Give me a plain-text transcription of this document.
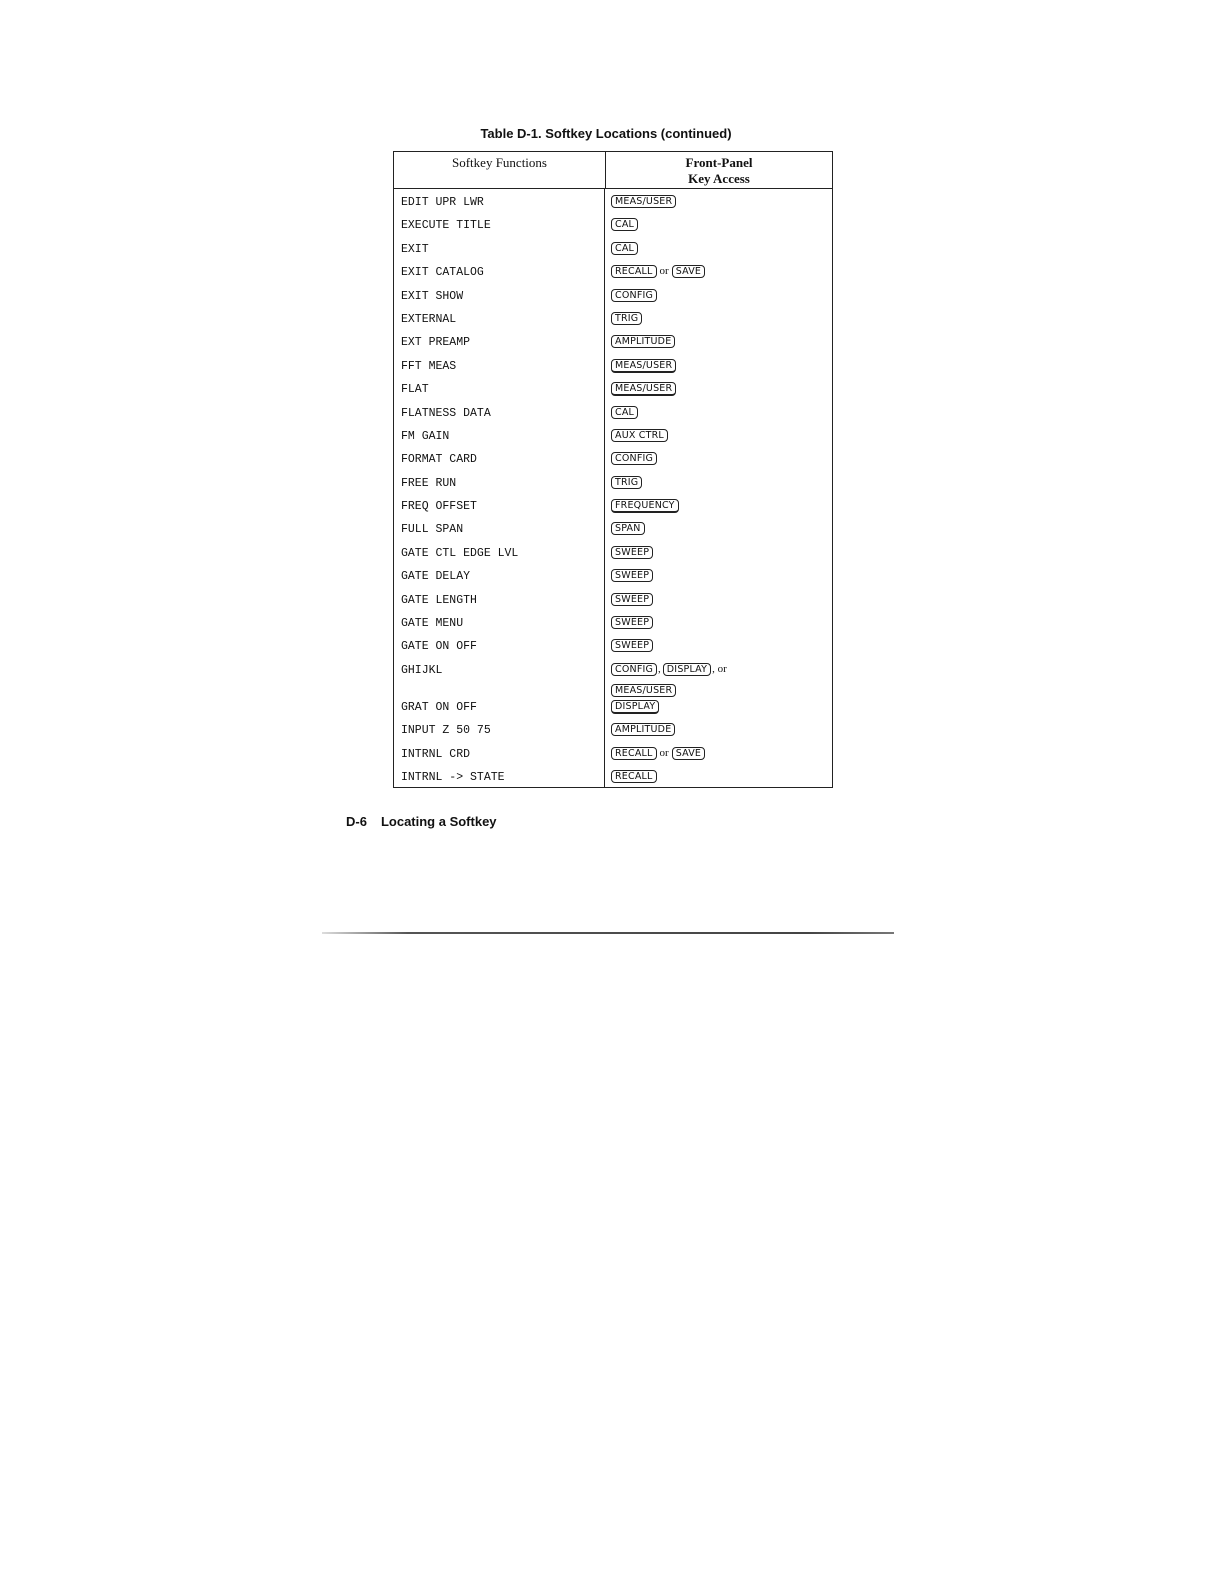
Table D-1. Softkey Locations (continued)
Softkey Functions	Front-Panel
Key Access
EDIT UPR LWR	MEAS/USER
EXECUTE TITLE	CAL
EXIT	CAL
EXIT CATALOG	RECALL $^{or}$ SAVE
EXIT SHOW	CONFIG
EXTERNAL	TRIG
EXT PREAMP	AMPLITUDE
FFT MEAS	MEAS/USER
FLAT	MEAS/USER
FLATNESS DATA	CAL
FM GAIN	AUX CTRL
FORMAT CARD	CONFIG
FREE RUN	TRIG
FREQ OFFSET	FREQUENCY
FULL SPAN	SPAN
GATE CTL EDGE LVL	SWEEP
GATE DELAY	SWEEP
GATE LENGTH	SWEEP
GATE MENU	SWEEP
GATE ON OFF	SWEEP
GHIJKL	CONFIG , DISPLAY $^{, or}$
MEAS/USER
GRAT ON OFF	DISPLAY
INPUT Z 50 75	AMPLITUDE
INTRNL CRD	RECALL $^{or}$ SAVE
INTRNL -> STATE	RECALL
D-6 Locating a Softkey
